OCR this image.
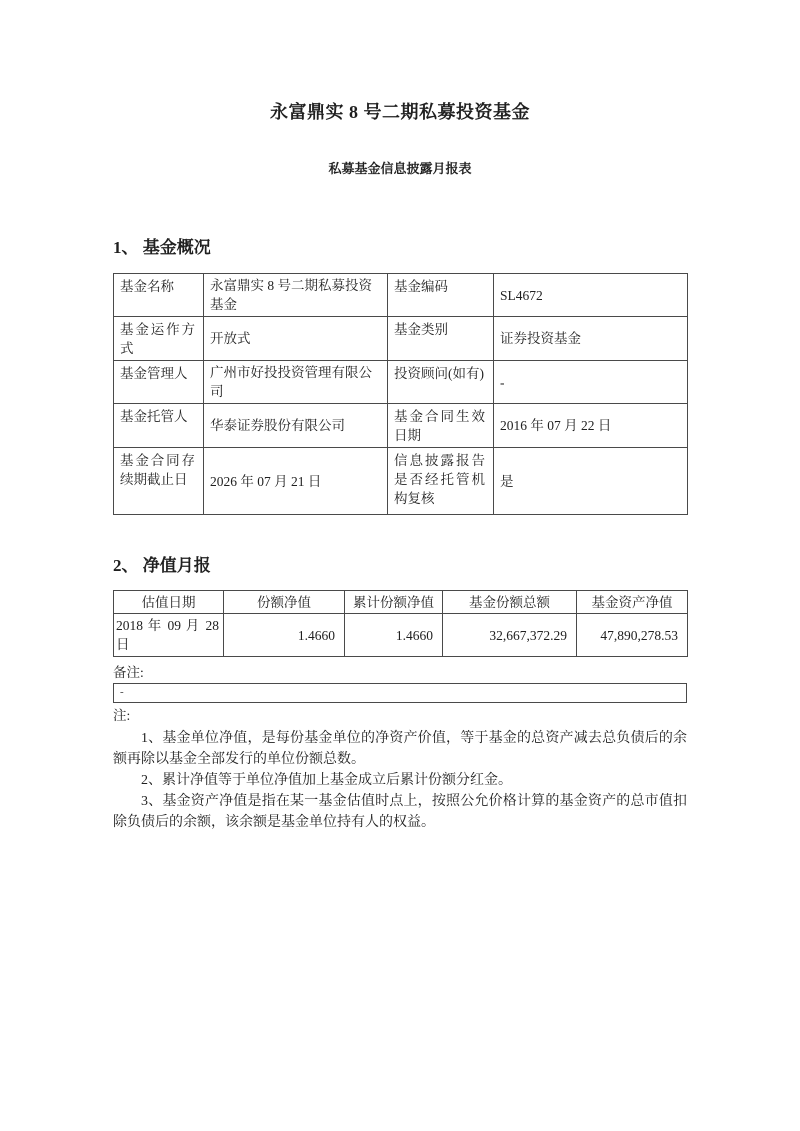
永富鼎实 8 号二期私募投资基金
私募基金信息披露月报表
1、 基金概况
基金名称	永富鼎实 8 号二期私募投资基金	基金编码	SL4672
基金运作方式	开放式	基金类别	证券投资基金
基金管理人	广州市好投投资管理有限公司	投资顾问(如有)	-
基金托管人	华泰证券股份有限公司	基金合同生效日期	2016 年 07 月 22 日
基金合同存续期截止日	2026 年 07 月 21 日	信息披露报告是否经托管机构复核	是
2、 净值月报
估值日期	份额净值	累计份额净值	基金份额总额	基金资产净值
2018 年 09 月 28 日	1.4660	1.4660	32,667,372.29	47,890,278.53
备注:
-
注:

1、基金单位净值，是每份基金单位的净资产价值，等于基金的总资产减去总负债后的余额再除以基金全部发行的单位份额总数。

2、累计净值等于单位净值加上基金成立后累计份额分红金。

3、基金资产净值是指在某一基金估值时点上，按照公允价格计算的基金资产的总市值扣除负债后的余额，该余额是基金单位持有人的权益。
